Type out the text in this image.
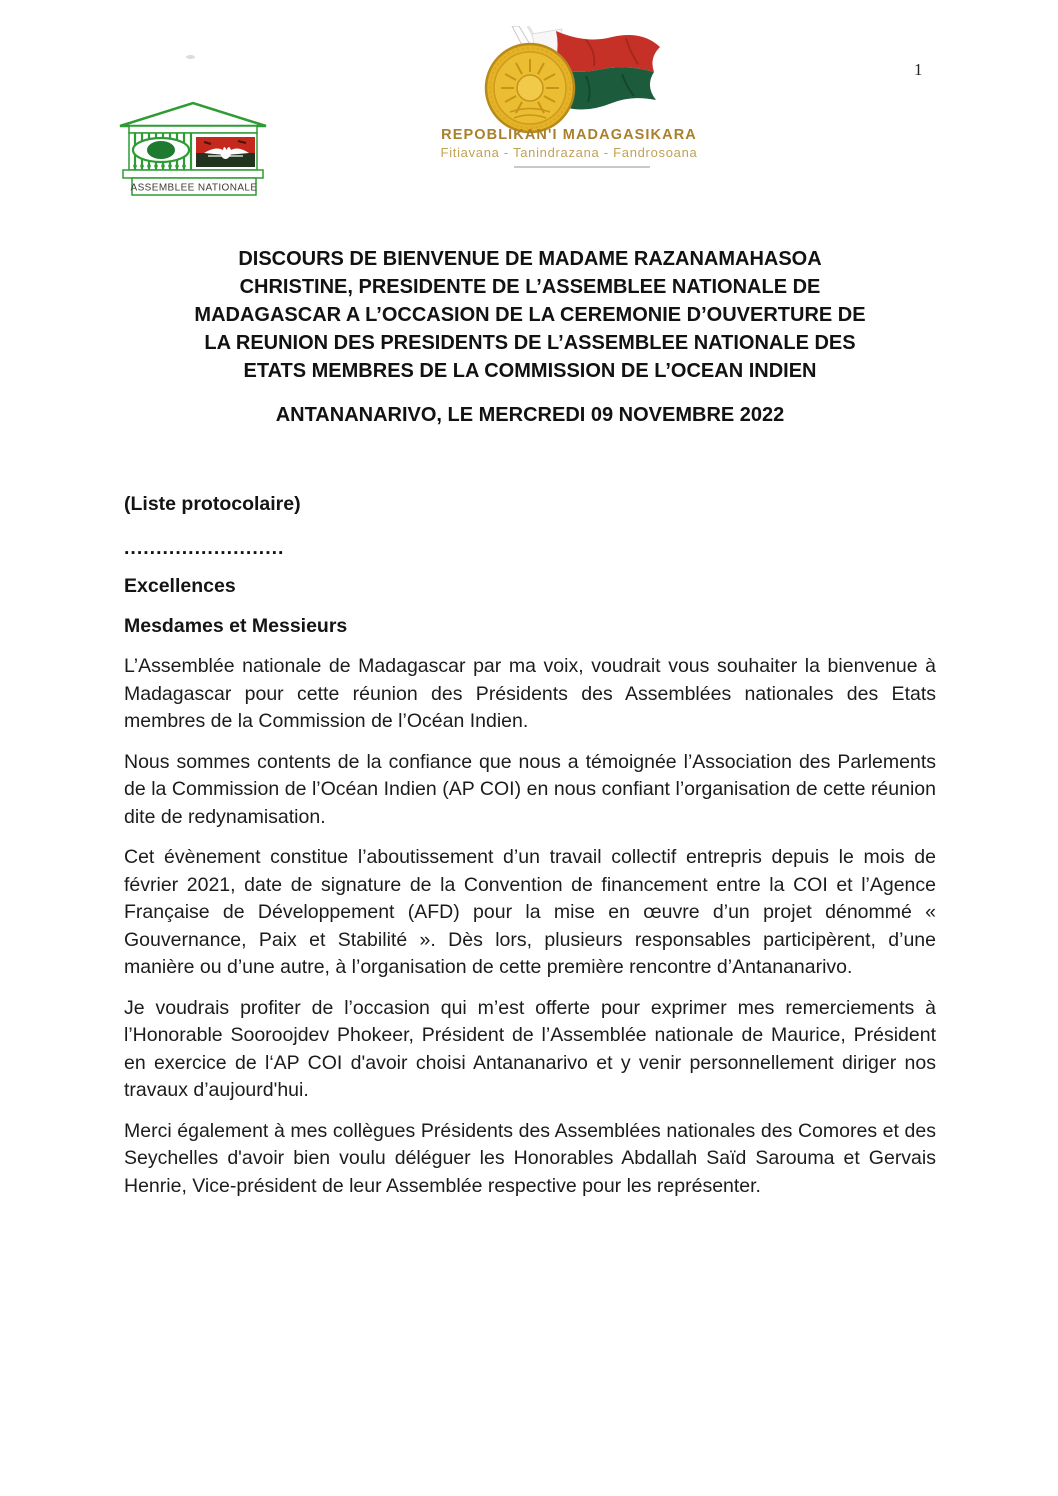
1
ASSEMBLEE NATIONALE
REPOBLIKAN'I MADAGASIKARA
Fitiavana - Tanindrazana - Fandrosoana
DISCOURS DE BIENVENUE DE MADAME RAZANAMAHASOA
CHRISTINE, PRESIDENTE DE L’ASSEMBLEE NATIONALE DE
MADAGASCAR A L’OCCASION DE LA CEREMONIE D’OUVERTURE DE
LA REUNION DES PRESIDENTS DE L’ASSEMBLEE NATIONALE DES
ETATS MEMBRES DE LA COMMISSION DE L’OCEAN INDIEN
ANTANANARIVO, LE MERCREDI 09 NOVEMBRE 2022
(Liste protocolaire)
.........................
Excellences
Mesdames et Messieurs

L’Assemblée nationale de Madagascar par ma voix, voudrait vous souhaiter la bienvenue à Madagascar pour cette réunion des Présidents des Assemblées nationales des Etats membres de la Commission de l’Océan Indien.

Nous sommes contents de la confiance que nous a témoignée l’Association des Parlements de la Commission de l’Océan Indien (AP COI) en nous confiant l’organisation de cette réunion dite de redynamisation.

Cet évènement constitue l’aboutissement d’un travail collectif entrepris depuis le mois de février 2021, date de signature de la Convention de financement entre la COI et l’Agence Française de Développement (AFD) pour la mise en œuvre d’un projet dénommé « Gouvernance, Paix et Stabilité ». Dès lors, plusieurs responsables participèrent, d’une manière ou d’une autre, à l’organisation de cette première rencontre d’Antananarivo.

Je voudrais profiter de l’occasion qui m’est offerte pour exprimer mes remerciements à l’Honorable Sooroojdev Phokeer, Président de l’Assemblée nationale de Maurice, Président en exercice de l‘AP COI d'avoir choisi Antananarivo et y venir personnellement diriger nos travaux d’aujourd'hui.

Merci également à mes collègues Présidents des Assemblées nationales des Comores et des Seychelles d'avoir bien voulu déléguer les Honorables Abdallah Saïd Sarouma et Gervais Henrie, Vice-président de leur Assemblée respective pour les représenter.
